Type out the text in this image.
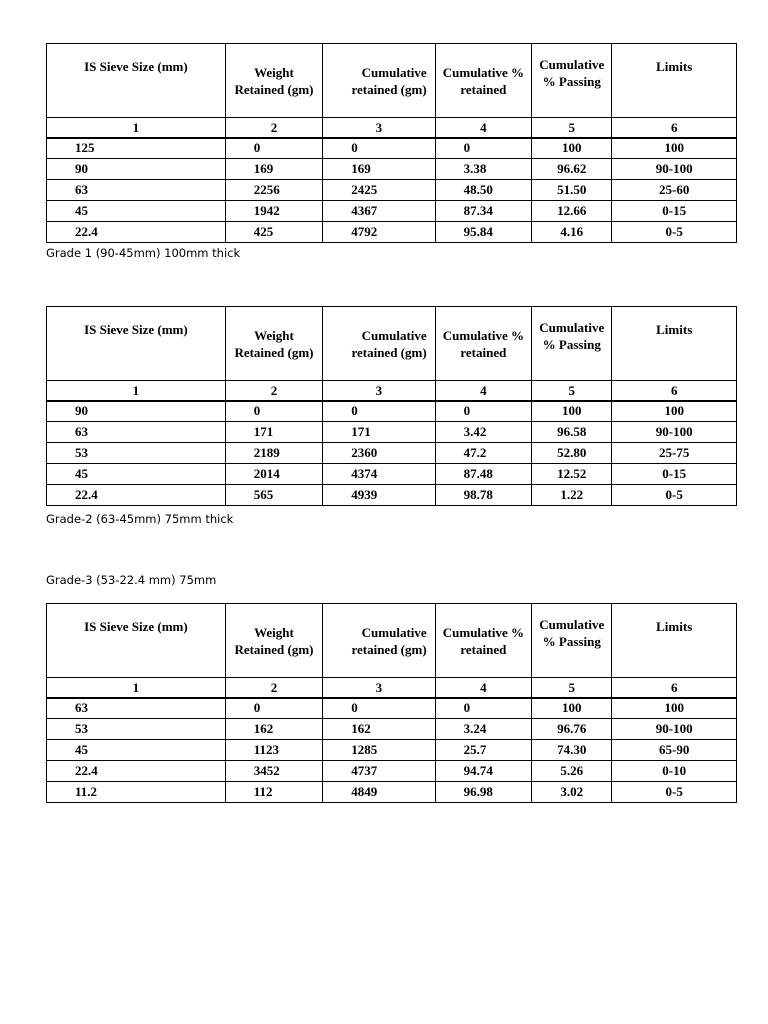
IS Sieve Size (mm)	Weight Retained (gm)	Cumulative retained (gm)	Cumulative % retained	Cumulative % Passing	Limits
1	2	3	4	5	6
125	0	0	0	100	100
90	169	169	3.38	96.62	90-100
63	2256	2425	48.50	51.50	25-60
45	1942	4367	87.34	12.66	0-15
22.4	425	4792	95.84	4.16	0-5
Grade 1 (90-45mm) 100mm thick
IS Sieve Size (mm)	Weight Retained (gm)	Cumulative retained (gm)	Cumulative % retained	Cumulative % Passing	Limits
1	2	3	4	5	6
90	0	0	0	100	100
63	171	171	3.42	96.58	90-100
53	2189	2360	47.2	52.80	25-75
45	2014	4374	87.48	12.52	0-15
22.4	565	4939	98.78	1.22	0-5
Grade-2 (63-45mm) 75mm thick
Grade-3 (53-22.4 mm) 75mm
IS Sieve Size (mm)	Weight Retained (gm)	Cumulative retained (gm)	Cumulative % retained	Cumulative % Passing	Limits
1	2	3	4	5	6
63	0	0	0	100	100
53	162	162	3.24	96.76	90-100
45	1123	1285	25.7	74.30	65-90
22.4	3452	4737	94.74	5.26	0-10
11.2	112	4849	96.98	3.02	0-5
